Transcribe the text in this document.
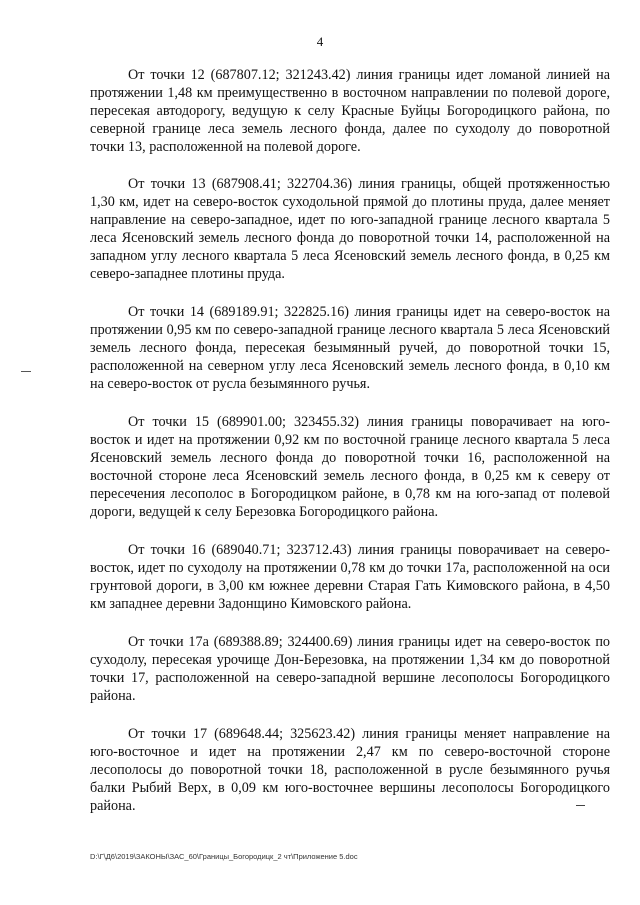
4

От точки 12 (687807.12; 321243.42) линия границы идет ломаной линией на протяжении 1,48 км преимущественно в восточном направлении по полевой дороге, пересекая автодорогу, ведущую к селу Красные Буйцы Богородицкого района, по северной границе леса земель лесного фонда, далее по суходолу до поворотной точки 13, расположенной на полевой дороге.

От точки 13 (687908.41; 322704.36) линия границы, общей протяженностью 1,30 км, идет на северо-восток суходольной прямой до плотины пруда, далее меняет направление на северо-западное, идет по юго-западной границе лесного квартала 5 леса Ясеновский земель лесного фонда до поворотной точки 14, расположенной на западном углу лесного квартала 5 леса Ясеновский земель лесного фонда, в 0,25 км северо-западнее плотины пруда.

От точки 14 (689189.91; 322825.16) линия границы идет на северо-восток на протяжении 0,95 км по северо-западной границе лесного квартала 5 леса Ясеновский земель лесного фонда, пересекая безымянный ручей, до поворотной точки 15, расположенной на северном углу леса Ясеновский земель лесного фонда, в 0,10 км на северо-восток от русла безымянного ручья.

От точки 15 (689901.00; 323455.32) линия границы поворачивает на юго-восток и идет на протяжении 0,92 км по восточной границе лесного квартала 5 леса Ясеновский земель лесного фонда до поворотной точки 16, расположенной на восточной стороне леса Ясеновский земель лесного фонда, в 0,25 км к северу от пересечения лесополос в Богородицком районе, в 0,78 км на юго-запад от полевой дороги, ведущей к селу Березовка Богородицкого района.

От точки 16 (689040.71; 323712.43) линия границы поворачивает на северо-восток, идет по суходолу на протяжении 0,78 км до точки 17а, расположенной на оси грунтовой дороги, в 3,00 км южнее деревни Старая Гать Кимовского района, в 4,50 км западнее деревни Задонщино Кимовского района.

От точки 17а (689388.89; 324400.69) линия границы идет на северо-восток по суходолу, пересекая урочище Дон-Березовка, на протяжении 1,34 км до поворотной точки 17, расположенной на северо-западной вершине лесополосы Богородицкого района.

От точки 17 (689648.44; 325623.42) линия границы меняет направление на юго-восточное и идет на протяжении 2,47 км по северо-восточной стороне лесополосы до поворотной точки 18, расположенной в русле безымянного ручья балки Рыбий Верх, в 0,09 км юго-восточнее вершины лесополосы Богородицкого района.

D:\Г\Д6\2019\ЗАКОНЫ\ЗАС_60\Границы_Богородицк_2 чт\Приложение 5.doc
